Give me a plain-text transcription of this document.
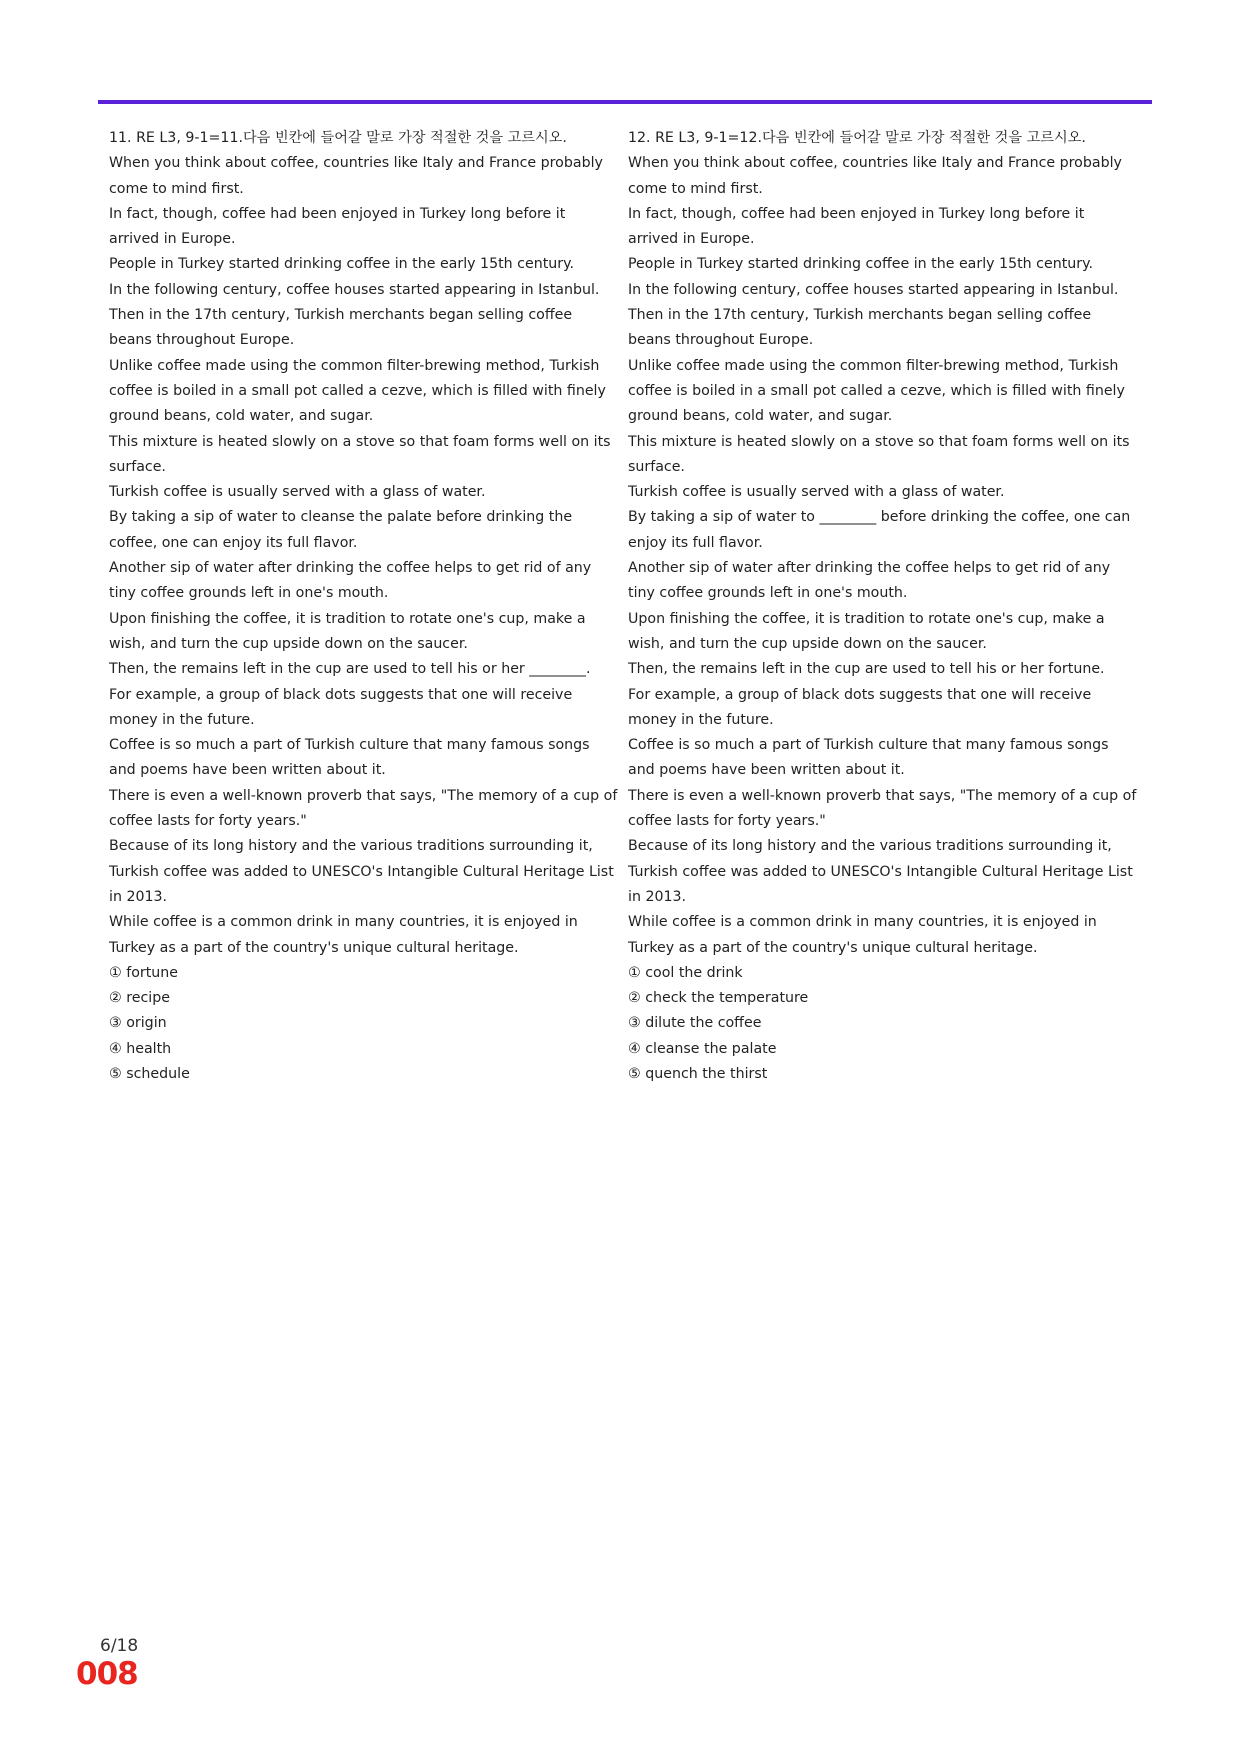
11. RE L3, 9-1=11.다음 빈칸에 들어갈 말로 가장 적절한 것을 고르시오.

When you think about coffee, countries like Italy and France probably come to mind first.

In fact, though, coffee had been enjoyed in Turkey long before it arrived in Europe.

People in Turkey started drinking coffee in the early 15th century.

In the following century, coffee houses started appearing in Istanbul.

Then in the 17th century, Turkish merchants began selling coffee beans throughout Europe.

Unlike coffee made using the common filter-brewing method, Turkish coffee is boiled in a small pot called a cezve, which is filled with finely ground beans, cold water, and sugar.

This mixture is heated slowly on a stove so that foam forms well on its surface.

Turkish coffee is usually served with a glass of water.

By taking a sip of water to cleanse the palate before drinking the coffee, one can enjoy its full flavor.

Another sip of water after drinking the coffee helps to get rid of any tiny coffee grounds left in one's mouth.

Upon finishing the coffee, it is tradition to rotate one's cup, make a wish, and turn the cup upside down on the saucer.

Then, the remains left in the cup are used to tell his or her ________.

For example, a group of black dots suggests that one will receive money in the future.

Coffee is so much a part of Turkish culture that many famous songs and poems have been written about it.

There is even a well-known proverb that says, "The memory of a cup of coffee lasts for forty years."

Because of its long history and the various traditions surrounding it, Turkish coffee was added to UNESCO's Intangible Cultural Heritage List in 2013.

While coffee is a common drink in many countries, it is enjoyed in Turkey as a part of the country's unique cultural heritage.

① fortune

② recipe

③ origin

④ health

⑤ schedule

12. RE L3, 9-1=12.다음 빈칸에 들어갈 말로 가장 적절한 것을 고르시오.

When you think about coffee, countries like Italy and France probably come to mind first.

In fact, though, coffee had been enjoyed in Turkey long before it arrived in Europe.

People in Turkey started drinking coffee in the early 15th century.

In the following century, coffee houses started appearing in Istanbul.

Then in the 17th century, Turkish merchants began selling coffee beans throughout Europe.

Unlike coffee made using the common filter-brewing method, Turkish coffee is boiled in a small pot called a cezve, which is filled with finely ground beans, cold water, and sugar.

This mixture is heated slowly on a stove so that foam forms well on its surface.

Turkish coffee is usually served with a glass of water.

By taking a sip of water to ________ before drinking the coffee, one can enjoy its full flavor.

Another sip of water after drinking the coffee helps to get rid of any tiny coffee grounds left in one's mouth.

Upon finishing the coffee, it is tradition to rotate one's cup, make a wish, and turn the cup upside down on the saucer.

Then, the remains left in the cup are used to tell his or her fortune.

For example, a group of black dots suggests that one will receive money in the future.

Coffee is so much a part of Turkish culture that many famous songs and poems have been written about it.

There is even a well-known proverb that says, "The memory of a cup of coffee lasts for forty years."

Because of its long history and the various traditions surrounding it, Turkish coffee was added to UNESCO's Intangible Cultural Heritage List in 2013.

While coffee is a common drink in many countries, it is enjoyed in Turkey as a part of the country's unique cultural heritage.

① cool the drink

② check the temperature

③ dilute the coffee

④ cleanse the palate

⑤ quench the thirst

6/18
008
